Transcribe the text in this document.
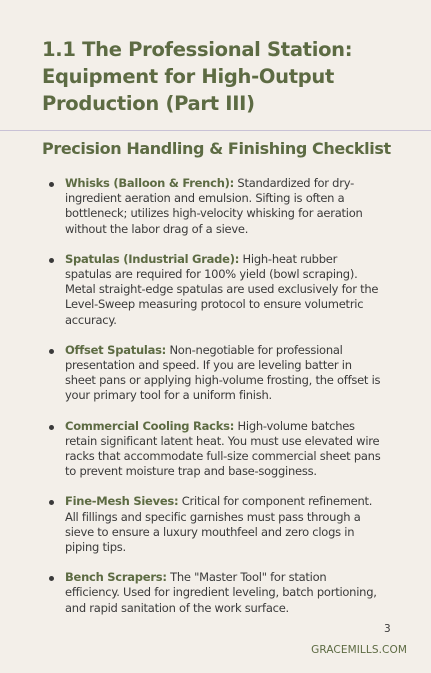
1.1 The Professional Station: Equipment for High-Output Production (Part III)
Precision Handling & Finishing Checklist
Whisks (Balloon & French): Standardized for dry-ingredient aeration and emulsion. Sifting is often a bottleneck; utilizes high-velocity whisking for aeration without the labor drag of a sieve.
Spatulas (Industrial Grade): High-heat rubber spatulas are required for 100% yield (bowl scraping). Metal straight-edge spatulas are used exclusively for the Level-Sweep measuring protocol to ensure volumetric accuracy.
Offset Spatulas: Non-negotiable for professional presentation and speed. If you are leveling batter in sheet pans or applying high-volume frosting, the offset is your primary tool for a uniform finish.
Commercial Cooling Racks: High-volume batches retain significant latent heat. You must use elevated wire racks that accommodate full-size commercial sheet pans to prevent moisture trap and base-sogginess.
Fine-Mesh Sieves: Critical for component refinement. All fillings and specific garnishes must pass through a sieve to ensure a luxury mouthfeel and zero clogs in piping tips.
Bench Scrapers: The "Master Tool" for station efficiency. Used for ingredient leveling, batch portioning, and rapid sanitation of the work surface.
3
GRACEMILLS.COM
